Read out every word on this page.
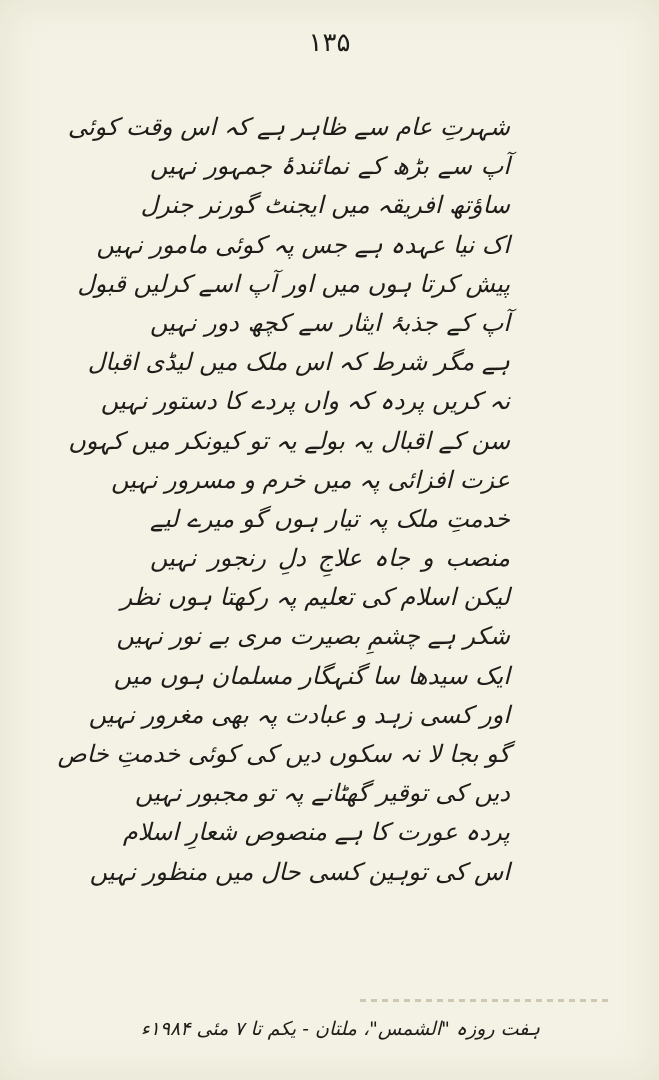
۱۳۵
شہرتِ عام سے ظاہر ہے کہ اس وقت کوئی
آپ سے بڑھ کے نمائندۂ جمہور نہیں
ساؤتھ افریقہ میں ایجنٹ گورنر جنرل
اک نیا عہدہ ہے جس پہ کوئی مامور نہیں
پیش کرتا ہوں میں اور آپ اسے کرلیں قبول
آپ کے جذبۂ ایثار سے کچھ دور نہیں
ہے مگر شرط کہ اس ملک میں لیڈی اقبال
نہ کریں پردہ کہ واں پردے کا دستور نہیں
سن کے اقبال یہ بولے یہ تو کیونکر میں کہوں
عزت افزائی پہ میں خرم و مسرور نہیں
خدمتِ ملک پہ تیار ہوں گو میرے لیے
منصب و جاہ علاجِ دلِ رنجور نہیں
لیکن اسلام کی تعلیم پہ رکھتا ہوں نظر
شکر ہے چشمِ بصیرت مری بے نور نہیں
ایک سیدھا سا گنہگار مسلمان ہوں میں
اور کسی زہد و عبادت پہ بھی مغرور نہیں
گو بجا لا نہ سکوں دیں کی کوئی خدمتِ خاص
دیں کی توقیر گھٹانے پہ تو مجبور نہیں
پردہ عورت کا ہے منصوص شعارِ اسلام
اس کی توہین کسی حال میں منظور نہیں
ہفت روزہ "الشمس"، ملتان - یکم تا ۷ مئی ۱۹۸۴ء
